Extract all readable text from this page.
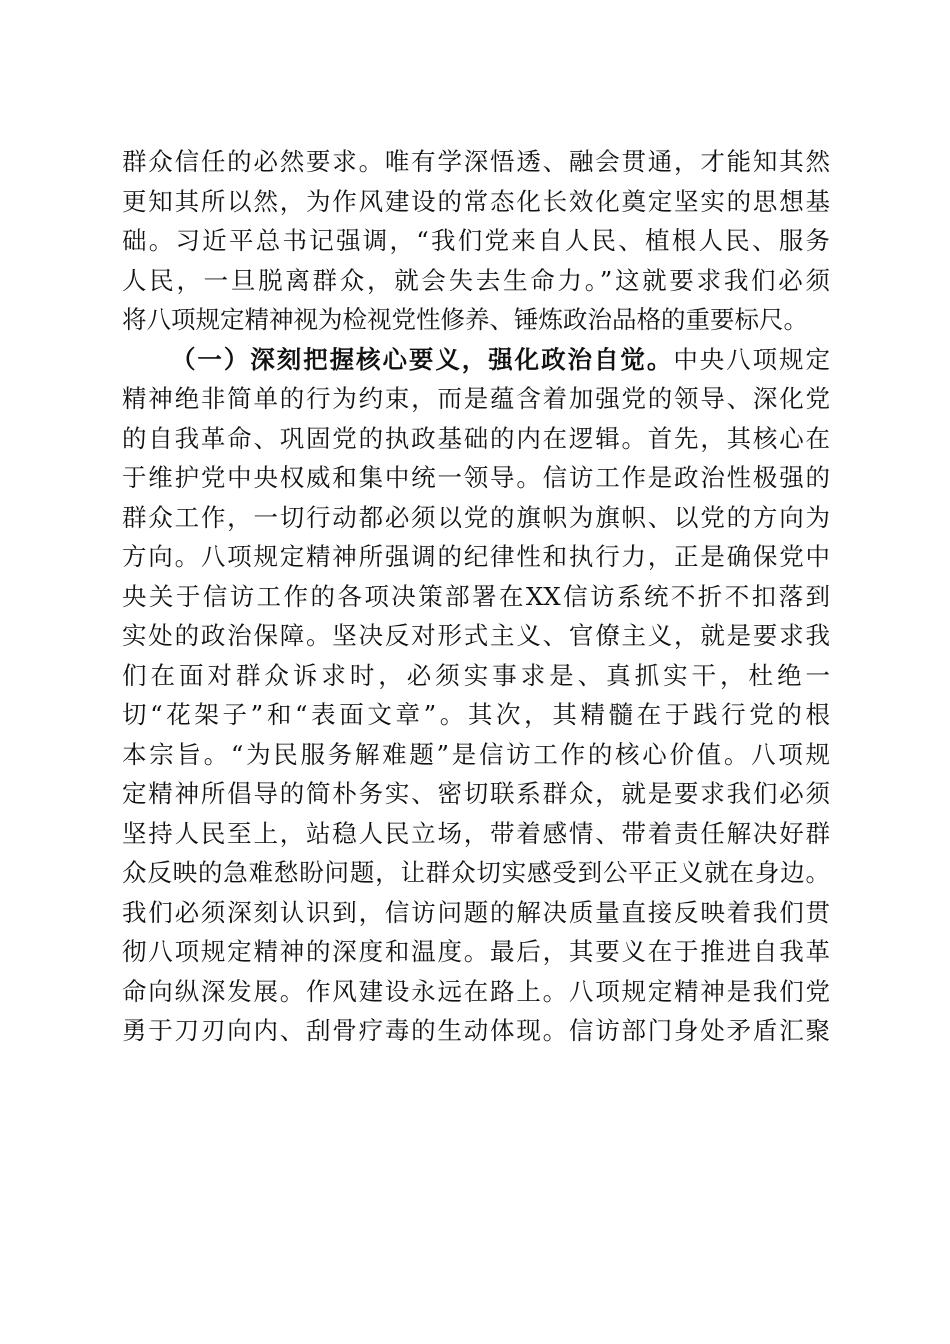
群众信任的必然要求。唯有学深悟透、融会贯通，才能知其然
更知其所以然，为作风建设的常态化长效化奠定坚实的思想基
础。习近平总书记强调，“我们党来自人民、植根人民、服务
人民，一旦脱离群众，就会失去生命力。”这就要求我们必须
将八项规定精神视为检视党性修养、锤炼政治品格的重要标尺。
（一）深刻把握核心要义，强化政治自觉。中央八项规定
精神绝非简单的行为约束，而是蕴含着加强党的领导、深化党
的自我革命、巩固党的执政基础的内在逻辑。首先，其核心在
于维护党中央权威和集中统一领导。信访工作是政治性极强的
群众工作，一切行动都必须以党的旗帜为旗帜、以党的方向为
方向。八项规定精神所强调的纪律性和执行力，正是确保党中
央关于信访工作的各项决策部署在XX信访系统不折不扣落到
实处的政治保障。坚决反对形式主义、官僚主义，就是要求我
们在面对群众诉求时，必须实事求是、真抓实干，杜绝一
切“花架子”和“表面文章”。其次，其精髓在于践行党的根
本宗旨。“为民服务解难题”是信访工作的核心价值。八项规
定精神所倡导的简朴务实、密切联系群众，就是要求我们必须
坚持人民至上，站稳人民立场，带着感情、带着责任解决好群
众反映的急难愁盼问题，让群众切实感受到公平正义就在身边。
我们必须深刻认识到，信访问题的解决质量直接反映着我们贯
彻八项规定精神的深度和温度。最后，其要义在于推进自我革
命向纵深发展。作风建设永远在路上。八项规定精神是我们党
勇于刀刃向内、刮骨疗毒的生动体现。信访部门身处矛盾汇聚
